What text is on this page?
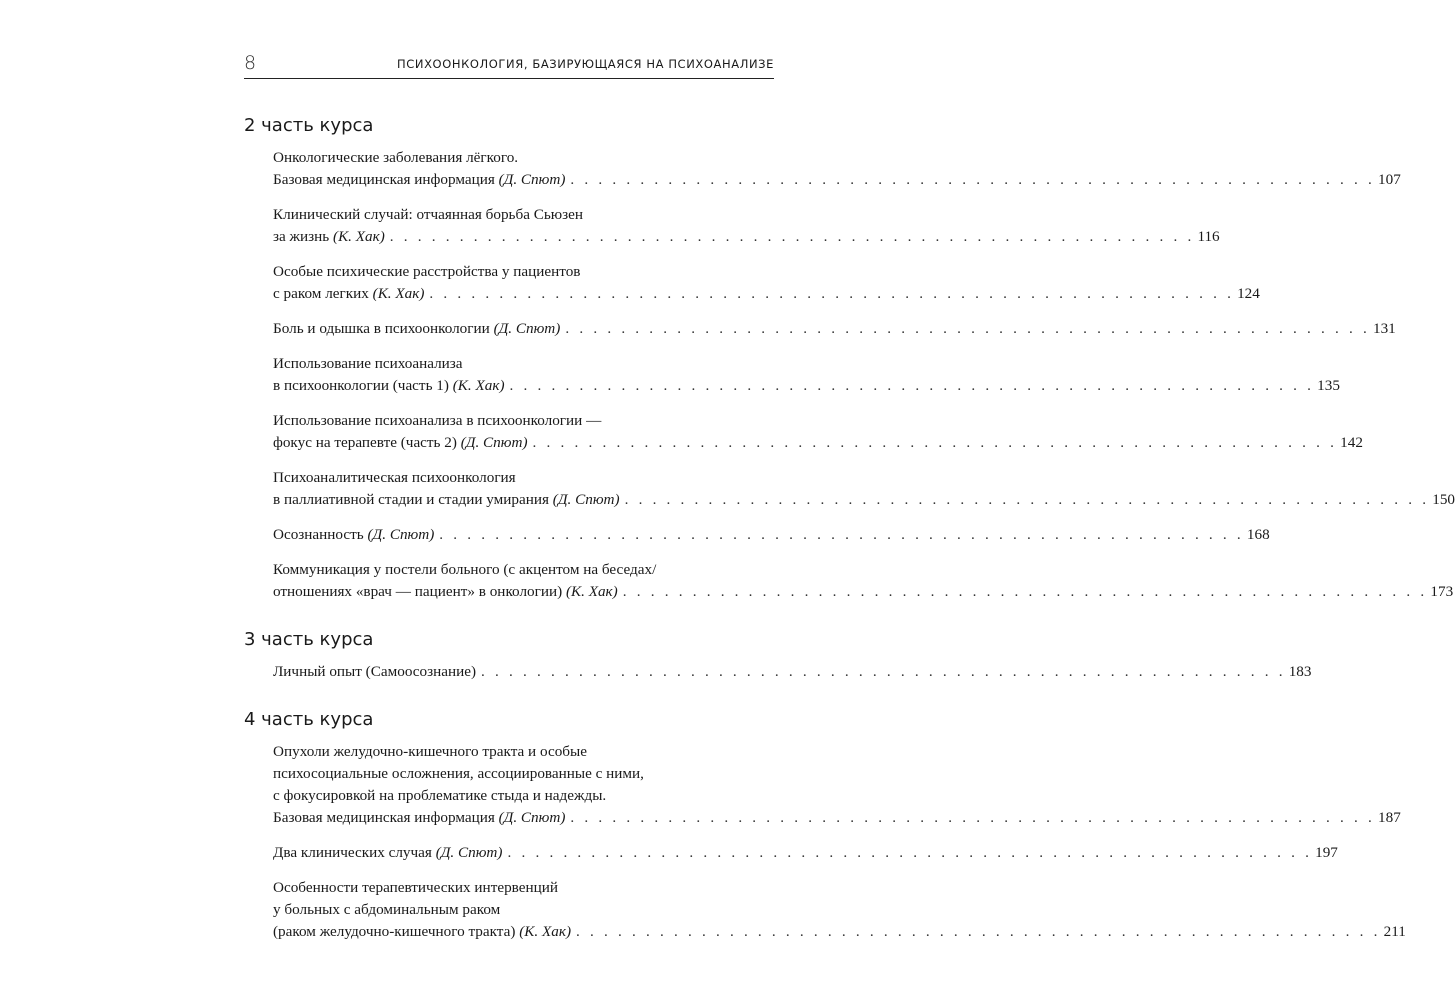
8	ПСИХООНКОЛОГИЯ, БАЗИРУЮЩАЯСЯ НА ПСИХОАНАЛИЗЕ
2 часть курса
Онкологические заболевания лёгкого.
Базовая медицинская информация
(Д. Спют) . . . . . . . . . . . . . . . . . . . . . . . . . . . . . . . . . . . . . . . . . . . . . . . . . . . . . . . . . . 107
Клинический случай: отчаянная борьба Сьюзен
за жизнь
(К. Хак) . . . . . . . . . . . . . . . . . . . . . . . . . . . . . . . . . . . . . . . . . . . . . . . . . . . . . . . . . . 116
Особые психические расстройства у пациентов
с раком легких
(К. Хак) . . . . . . . . . . . . . . . . . . . . . . . . . . . . . . . . . . . . . . . . . . . . . . . . . . . . . . . . . . 124
Боль и одышка в психоонкологии
(Д. Спют) . . . . . . . . . . . . . . . . . . . . . . . . . . . . . . . . . . . . . . . . . . . . . . . . . . . . . . . . . . 131
Использование психоанализа
в психоонкологии (часть 1)
(К. Хак) . . . . . . . . . . . . . . . . . . . . . . . . . . . . . . . . . . . . . . . . . . . . . . . . . . . . . . . . . . 135
Использование психоанализа в психоонкологии —
фокус на терапевте (часть 2)
(Д. Спют) . . . . . . . . . . . . . . . . . . . . . . . . . . . . . . . . . . . . . . . . . . . . . . . . . . . . . . . . . . 142
Психоаналитическая психоонкология
в паллиативной стадии и стадии умирания
(Д. Спют) . . . . . . . . . . . . . . . . . . . . . . . . . . . . . . . . . . . . . . . . . . . . . . . . . . . . . . . . . . 150
Осознанность
(Д. Спют) . . . . . . . . . . . . . . . . . . . . . . . . . . . . . . . . . . . . . . . . . . . . . . . . . . . . . . . . . . 168
Коммуникация у постели больного (с акцентом на беседах/
отношениях «врач — пациент» в онкологии)
(К. Хак) . . . . . . . . . . . . . . . . . . . . . . . . . . . . . . . . . . . . . . . . . . . . . . . . . . . . . . . . . . 173
3 часть курса
Личный опыт (Самоосознание) . . . . . . . . . . . . . . . . . . . . . . . . . . . . . . . . . . . . . . . . . . . . . . . . . . . . . . . . . . 183
4 часть курса
Опухоли желудочно-кишечного тракта и особые
психосоциальные осложнения, ассоциированные с ними,
с фокусировкой на проблематике стыда и надежды.
Базовая медицинская информация
(Д. Спют) . . . . . . . . . . . . . . . . . . . . . . . . . . . . . . . . . . . . . . . . . . . . . . . . . . . . . . . . . . 187
Два клинических случая
(Д. Спют) . . . . . . . . . . . . . . . . . . . . . . . . . . . . . . . . . . . . . . . . . . . . . . . . . . . . . . . . . . 197
Особенности терапевтических интервенций
у больных с абдоминальным раком
(раком желудочно-кишечного тракта)
(К. Хак) . . . . . . . . . . . . . . . . . . . . . . . . . . . . . . . . . . . . . . . . . . . . . . . . . . . . . . . . . . 211
